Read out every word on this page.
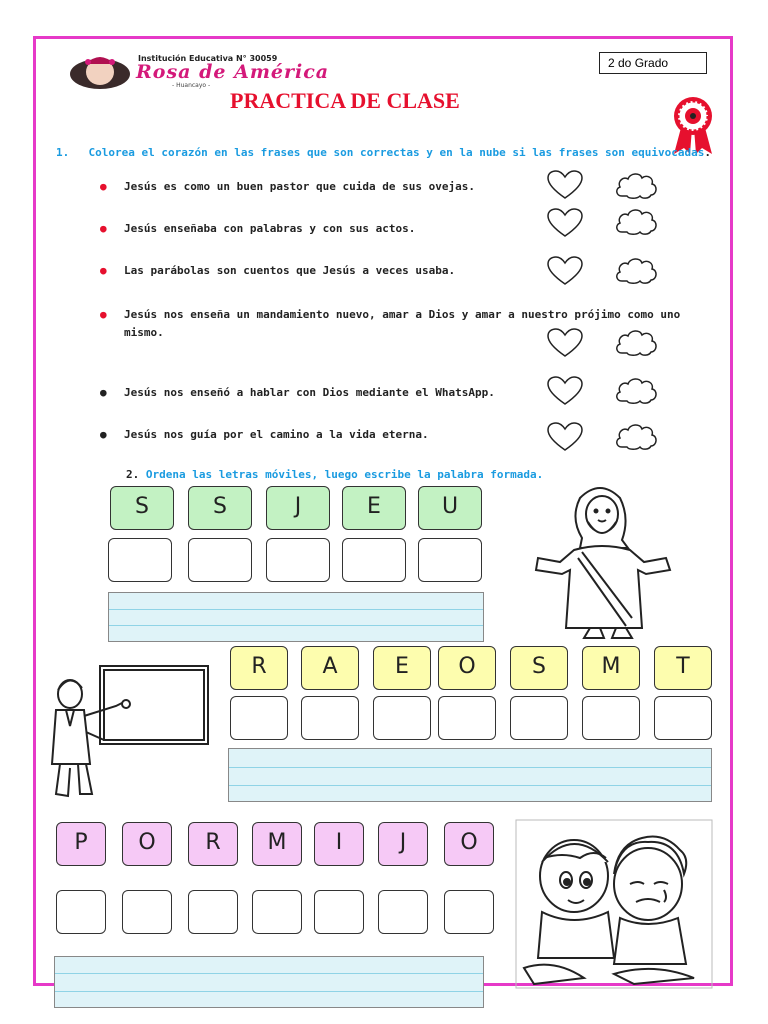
Institución Educativa N° 30059
Rosa de América
- Huancayo -
2 do Grado
PRACTICA DE CLASE
1. Colorea el corazón en las frases que son correctas y en la nube si las frases son equivocadas.
● Jesús es como un buen pastor que cuida de sus ovejas.
● Jesús enseñaba con palabras y con sus actos.
● Las parábolas son cuentos que Jesús a veces usaba.
● Jesús nos enseña un mandamiento nuevo, amar a Dios y amar a nuestro prójimo como uno mismo.
● Jesús nos enseñó a hablar con Dios mediante el WhatsApp.
● Jesús nos guía por el camino a la vida eterna.
2. Ordena las letras móviles, luego escribe la palabra formada.
S	S	J	E	U
R	A	E	O	S	M	T
P	O	R	M	I	J	O
